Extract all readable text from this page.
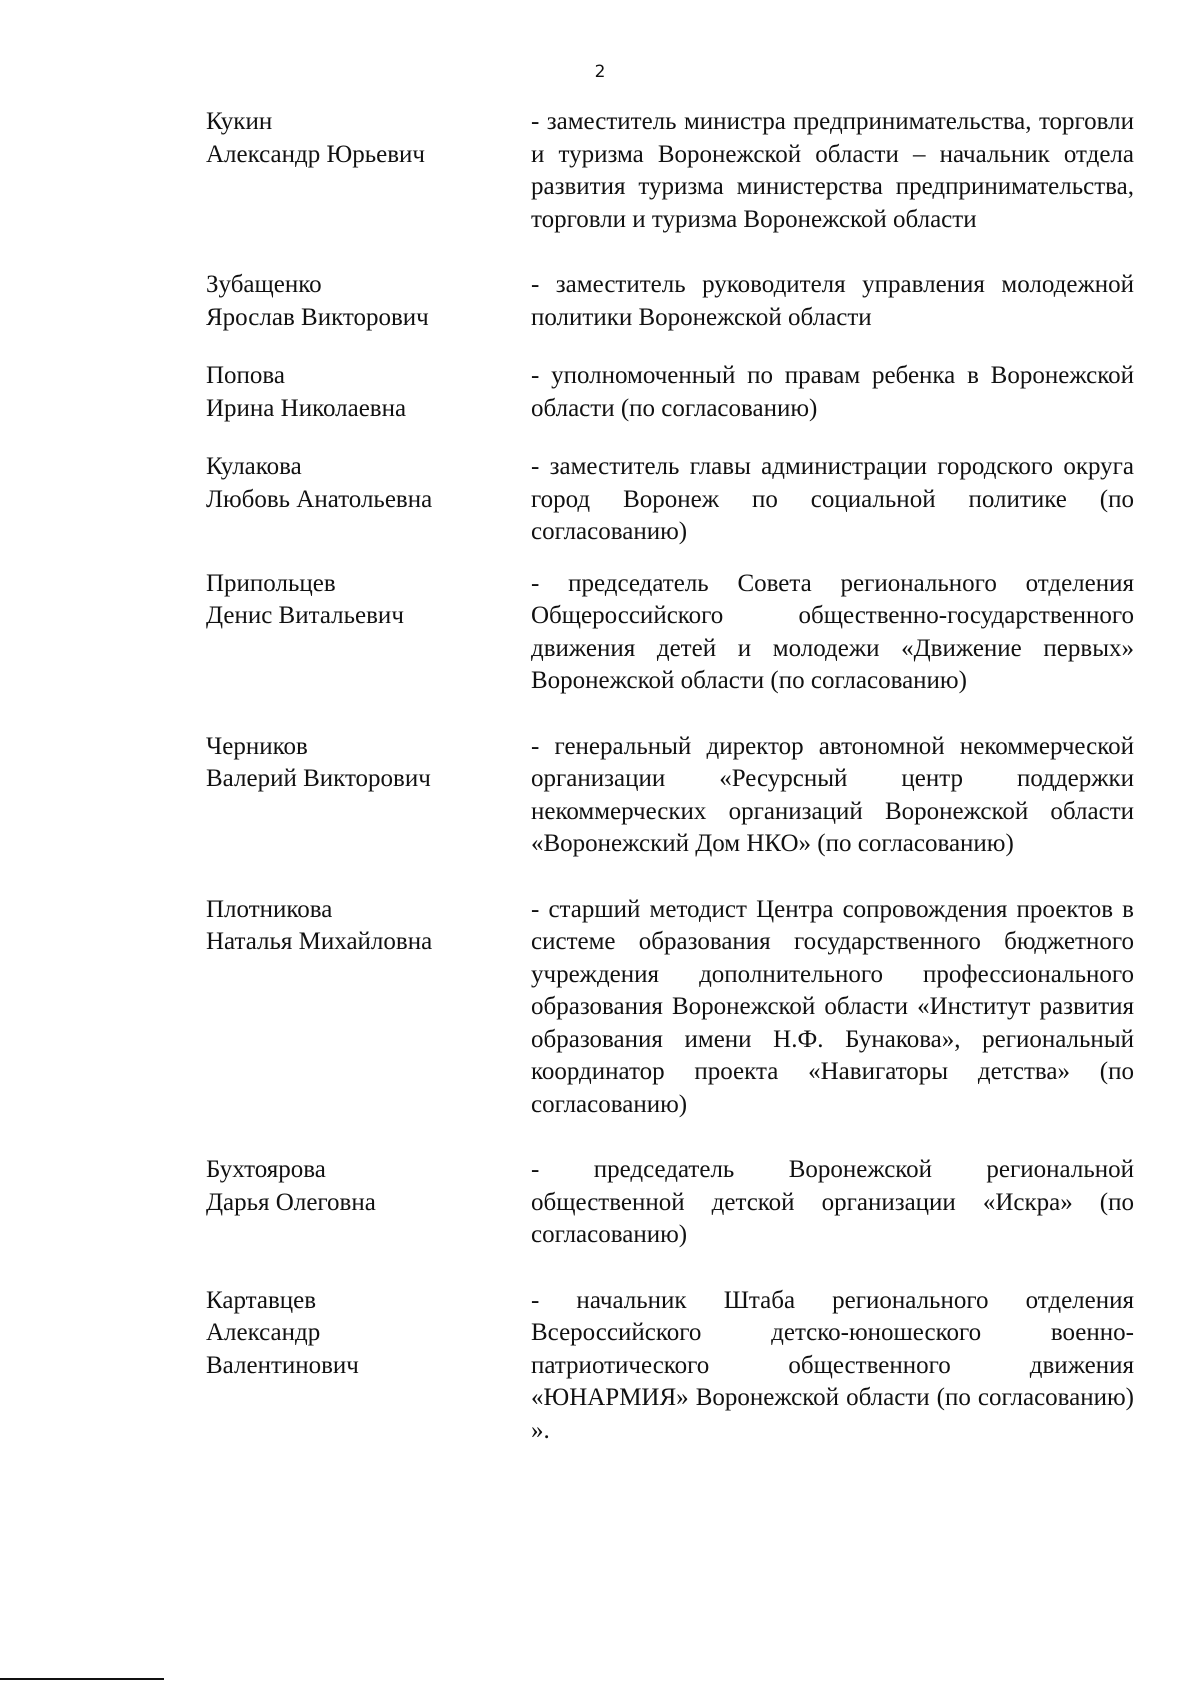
2
Кукин
Александр Юрьевич
- заместитель министра предпринимательства, торговли и туризма Воронежской области – начальник отдела развития туризма министерства предпринимательства, торговли и туризма Воронежской области
Зубащенко
Ярослав Викторович
- заместитель руководителя управления молодежной политики Воронежской области
Попова
Ирина Николаевна
- уполномоченный по правам ребенка в Воронежской области (по согласованию)
Кулакова
Любовь Анатольевна
- заместитель главы администрации городского округа город Воронеж по социальной политике (по согласованию)
Припольцев
Денис Витальевич
- председатель Совета регионального отделения Общероссийского общественно-государственного движения детей и молодежи «Движение первых» Воронежской области (по согласованию)
Черников
Валерий Викторович
- генеральный директор автономной некоммерческой организации «Ресурсный центр поддержки некоммерческих организаций Воронежской области «Воронежский Дом НКО» (по согласованию)
Плотникова
Наталья Михайловна
- старший методист Центра сопровождения проектов в системе образования государственного бюджетного учреждения дополнительного профессионального образования Воронежской области «Институт развития образования имени Н.Ф. Бунакова», региональный координатор проекта «Навигаторы детства» (по согласованию)
Бухтоярова
Дарья Олеговна
- председатель Воронежской региональной общественной детской организации «Искра» (по согласованию)
Картавцев
Александр
Валентинович
- начальник Штаба регионального отделения Всероссийского детско-юношеского военно-патриотического общественного движения «ЮНАРМИЯ» Воронежской области (по согласованию) ».
